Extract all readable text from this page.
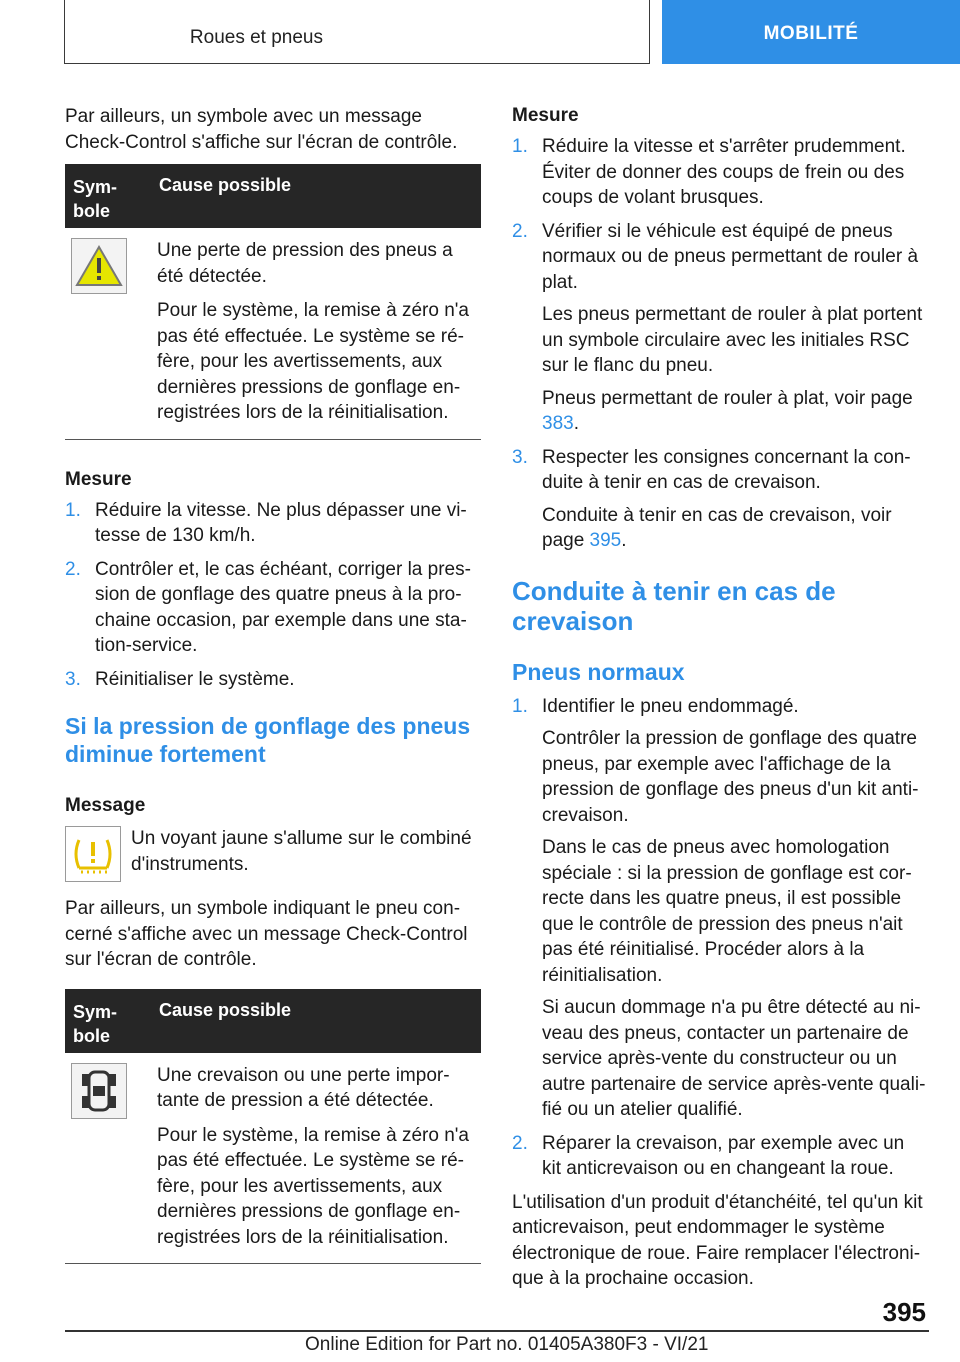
Roues et pneus	MOBILITÉ

Par ailleurs, un symbole avec un message Check-Control s'affiche sur l'écran de contrôle.

Sym-
bole
Cause possible

Une perte de pression des pneus a été détectée.

Pour le système, la remise à zéro n'a pas été effectuée. Le système se réfère, pour les avertissements, aux dernières pressions de gonflage enregistrées lors de la réinitialisation.

Mesure
1. Réduire la vitesse. Ne plus dépasser une vitesse de 130 km/h.
2. Contrôler et, le cas échéant, corriger la pression de gonflage des quatre pneus à la prochaine occasion, par exemple dans une station-service.
3. Réinitialiser le système.
Si la pression de gonflage des pneus diminue fortement
Message

Un voyant jaune s'allume sur le combiné d'instruments.

Par ailleurs, un symbole indiquant le pneu concerné s'affiche avec un message Check-Control sur l'écran de contrôle.

Sym-
bole
Cause possible

Une crevaison ou une perte importante de pression a été détectée.

Pour le système, la remise à zéro n'a pas été effectuée. Le système se réfère, pour les avertissements, aux dernières pressions de gonflage enregistrées lors de la réinitialisation.

Mesure
1. Réduire la vitesse et s'arrêter prudemment. Éviter de donner des coups de frein ou des coups de volant brusques.
2. Vérifier si le véhicule est équipé de pneus normaux ou de pneus permettant de rouler à plat.
Les pneus permettant de rouler à plat portent un symbole circulaire avec les initiales RSC sur le flanc du pneu.
Pneus permettant de rouler à plat, voir page 383.
3. Respecter les consignes concernant la conduite à tenir en cas de crevaison.
Conduite à tenir en cas de crevaison, voir page 395.
Conduite à tenir en cas de crevaison
Pneus normaux
1. Identifier le pneu endommagé.
Contrôler la pression de gonflage des quatre pneus, par exemple avec l'affichage de la pression de gonflage des pneus d'un kit anticrevaison.
Dans le cas de pneus avec homologation spéciale : si la pression de gonflage est correcte dans les quatre pneus, il est possible que le contrôle de pression des pneus n'ait pas été réinitialisé. Procéder alors à la réinitialisation.
Si aucun dommage n'a pu être détecté au niveau des pneus, contacter un partenaire de service après-vente du constructeur ou un autre partenaire de service après-vente qualifié ou un atelier qualifié.
2. Réparer la crevaison, par exemple avec un kit anticrevaison ou en changeant la roue.

L'utilisation d'un produit d'étanchéité, tel qu'un kit anticrevaison, peut endommager le système électronique de roue. Faire remplacer l'électronique à la prochaine occasion.

395
Online Edition for Part no. 01405A380F3 - VI/21
